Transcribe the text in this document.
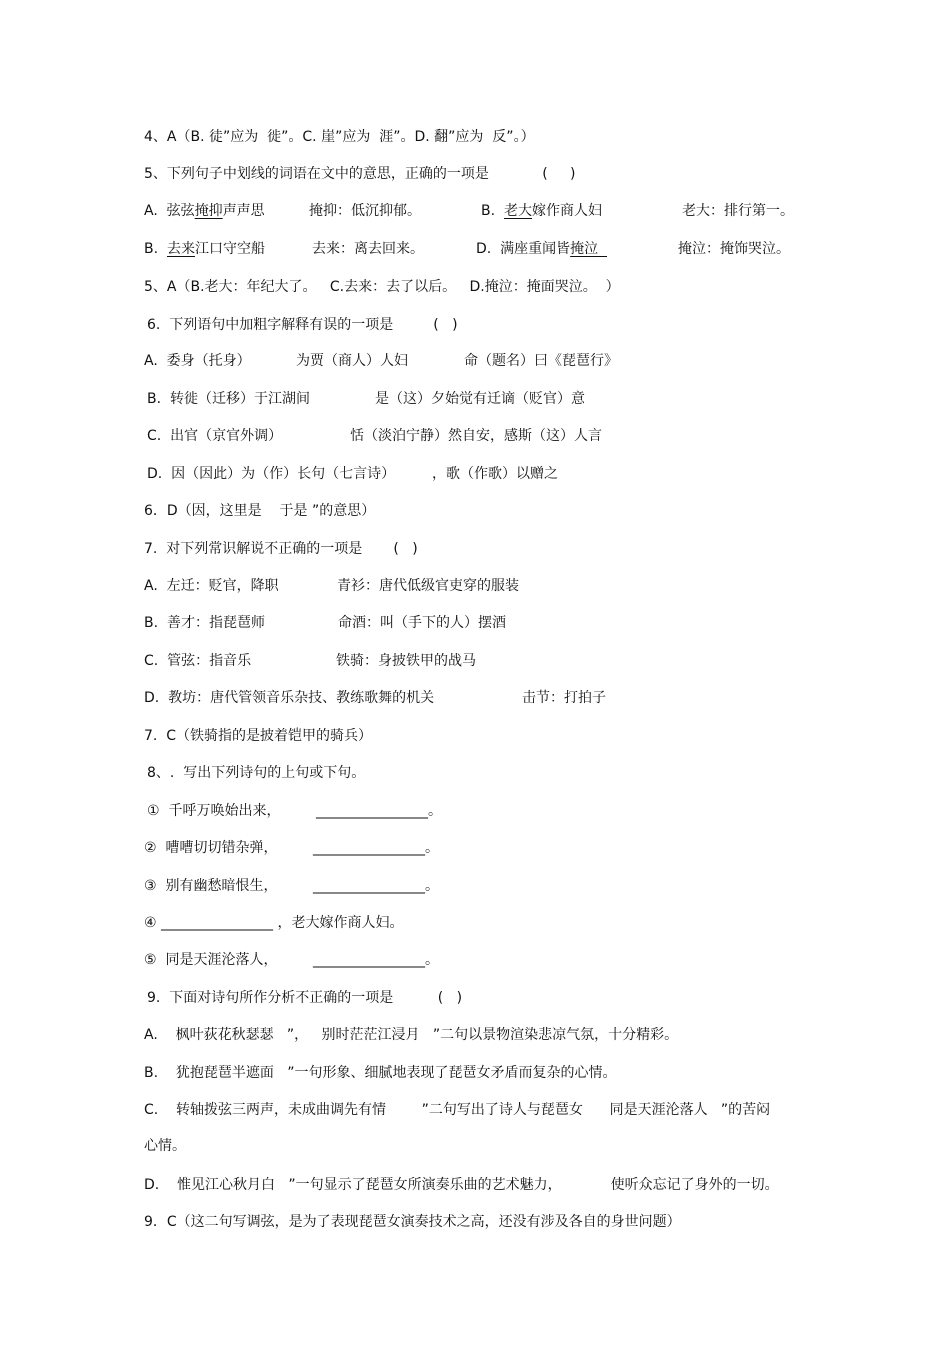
4、A（B. 徒”应为  徙”。C. 崖”应为  涯”。D. 翻”应为  反”。）
5、下列句子中划线的词语在文中的意思，正确的一项是            (     )
A.  弦弦掩抑声声思	掩抑：低沉抑郁。	B.  老大嫁作商人妇	老大：排行第一。
B.  去来江口守空船	去来：离去回来。	D.  满座重闻皆掩泣	掩泣：掩饰哭泣。
5、A（B.老大：年纪大了。   C.去来：去了以后。   D.掩泣：掩面哭泣。  ）
6.  下列语句中加粗字解释有误的一项是         (   )
A.  委身（托身）	为贾（商人）人妇	命（题名）曰《琵琶行》
B.  转徙（迁移）于江湖间	是（这）夕始觉有迁谪（贬官）意
C.  出官（京官外调）	恬（淡泊宁静）然自安，感斯（这）人言
D.  因（因此）为（作）长句（七言诗）	，歌（作歌）以赠之
6．D（因，这里是    于是 ”的意思）
7.  对下列常识解说不正确的一项是       (   )
A.  左迁：贬官，降职	青衫：唐代低级官吏穿的服装
B.  善才：指琵琶师	命酒：叫（手下的人）摆酒
C.  管弦：指音乐	铁骑：身披铁甲的战马
D.  教坊：唐代管领音乐杂技、教练歌舞的机关	击节：打拍子
7.  C（铁骑指的是披着铠甲的骑兵）
8、.  写出下列诗句的上句或下句。
①  千呼万唤始出来，        ________________。
②  嘈嘈切切错杂弹，        ________________。
③  别有幽愁暗恨生，        ________________。
④ ________________ ，老大嫁作商人妇。
⑤  同是天涯沦落人，        ________________。
9.  下面对诗句所作分析不正确的一项是          (   )
A.    枫叶荻花秋瑟瑟   ”，   别时茫茫江浸月   ”二句以景物渲染悲凉气氛，十分精彩。
B.    犹抱琵琶半遮面   ”一句形象、细腻地表现了琵琶女矛盾而复杂的心情。
C.    转轴拨弦三两声，未成曲调先有情        ”二句写出了诗人与琵琶女      同是天涯沦落人   ”的苦闷
心情。
D.    惟见江心秋月白   ”一句显示了琵琶女所演奏乐曲的艺术魅力，           使听众忘记了身外的一切。
9．C（这二句写调弦，是为了表现琵琶女演奏技术之高，还没有涉及各自的身世问题）
